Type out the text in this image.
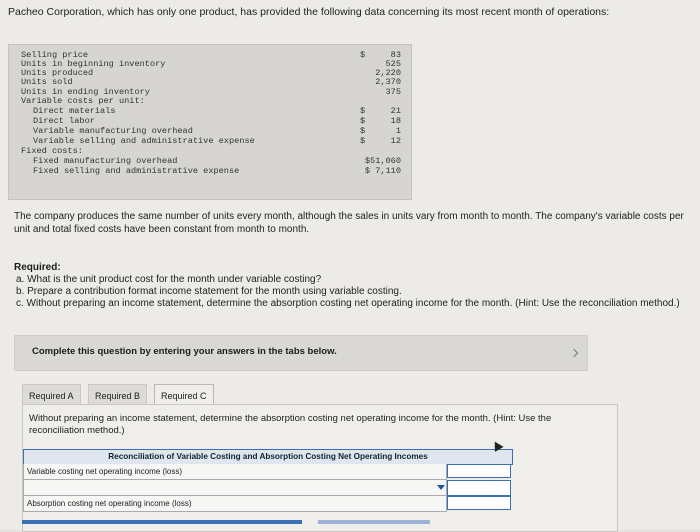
Pacheo Corporation, which has only one product, has provided the following data concerning its most recent month of operations:
Selling price	$	83
Units in beginning inventory	525
Units produced	2,220
Units sold	2,370
Units in ending inventory	375
Variable costs per unit:
Direct materials	$	21
Direct labor	$	18
Variable manufacturing overhead	$	1
Variable selling and administrative expense	$	12
Fixed costs:
Fixed manufacturing overhead	$51,060
Fixed selling and administrative expense	$ 7,110
The company produces the same number of units every month, although the sales in units vary from month to month. The company's variable costs per unit and total fixed costs have been constant from month to month.
Required:
a. What is the unit product cost for the month under variable costing?
b. Prepare a contribution format income statement for the month using variable costing.
c. Without preparing an income statement, determine the absorption costing net operating income for the month. (Hint: Use the reconciliation method.)
Complete this question by entering your answers in the tabs below.
Required A	Required B	Required C
Without preparing an income statement, determine the absorption costing net operating income for the month. (Hint: Use the reconciliation method.)
Reconciliation of Variable Costing and Absorption Costing Net Operating Incomes
Variable costing net operating income (loss)
Absorption costing net operating income (loss)
